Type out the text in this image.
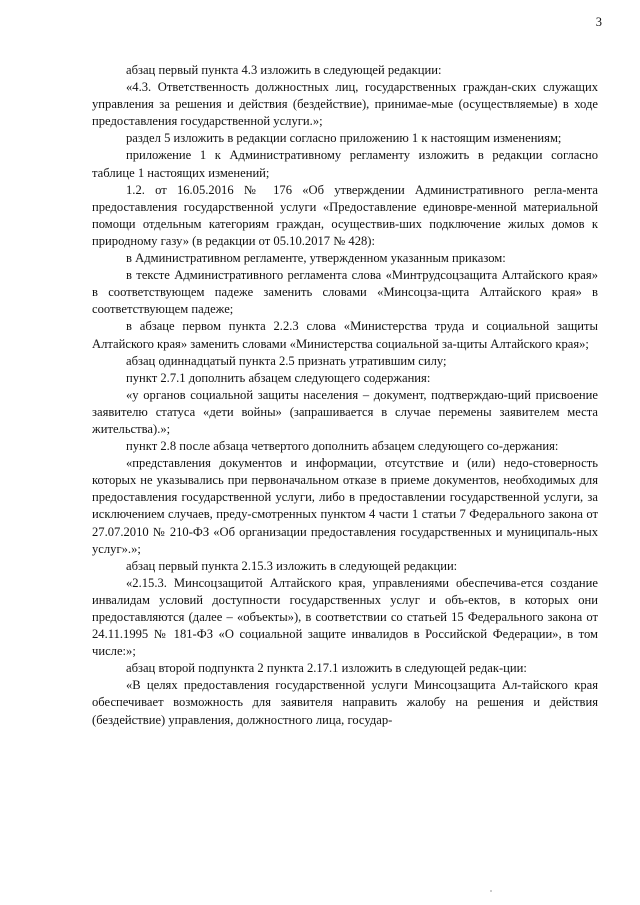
3

абзац первый пункта 4.3 изложить в следующей редакции:

«4.3. Ответственность должностных лиц, государственных граждан-ских служащих управления за решения и действия (бездействие), принимае-мые (осуществляемые) в ходе предоставления государственной услуги.»;

раздел 5 изложить в редакции согласно приложению 1 к настоящим изменениям;

приложение 1 к Административному регламенту изложить в редакции согласно таблице 1 настоящих изменений;

1.2. от 16.05.2016 № 176 «Об утверждении Административного регла-мента предоставления государственной услуги «Предоставление единовре-менной материальной помощи отдельным категориям граждан, осуществив-ших подключение жилых домов к природному газу» (в редакции от 05.10.2017 № 428):

в Административном регламенте, утвержденном указанным приказом:

в тексте Административного регламента слова «Минтрудсоцзащита Алтайского края» в соответствующем падеже заменить словами «Минсоцза-щита Алтайского края» в соответствующем падеже;

в абзаце первом пункта 2.2.3 слова «Министерства труда и социальной защиты Алтайского края» заменить словами «Министерства социальной за-щиты Алтайского края»;

абзац одиннадцатый пункта 2.5 признать утратившим силу;

пункт 2.7.1 дополнить абзацем следующего содержания:

«у органов социальной защиты населения – документ, подтверждаю-щий присвоение заявителю статуса «дети войны» (запрашивается в случае перемены заявителем места жительства).»;

пункт 2.8 после абзаца четвертого дополнить абзацем следующего со-держания:

«представления документов и информации, отсутствие и (или) недо-стоверность которых не указывались при первоначальном отказе в приеме документов, необходимых для предоставления государственной услуги, либо в предоставлении государственной услуги, за исключением случаев, преду-смотренных пунктом 4 части 1 статьи 7 Федерального закона от 27.07.2010 № 210-ФЗ «Об организации предоставления государственных и муниципаль-ных услуг».»;

абзац первый пункта 2.15.3 изложить в следующей редакции:

«2.15.3. Минсоцзащитой Алтайского края, управлениями обеспечива-ется создание инвалидам условий доступности государственных услуг и объ-ектов, в которых они предоставляются (далее – «объекты»), в соответствии со статьей 15 Федерального закона от 24.11.1995 № 181-ФЗ «О социальной защите инвалидов в Российской Федерации», в том числе:»;

абзац второй подпункта 2 пункта 2.17.1 изложить в следующей редак-ции:

«В целях предоставления государственной услуги Минсоцзащита Ал-тайского края обеспечивает возможность для заявителя направить жалобу на решения и действия (бездействие) управления, должностного лица, государ-
